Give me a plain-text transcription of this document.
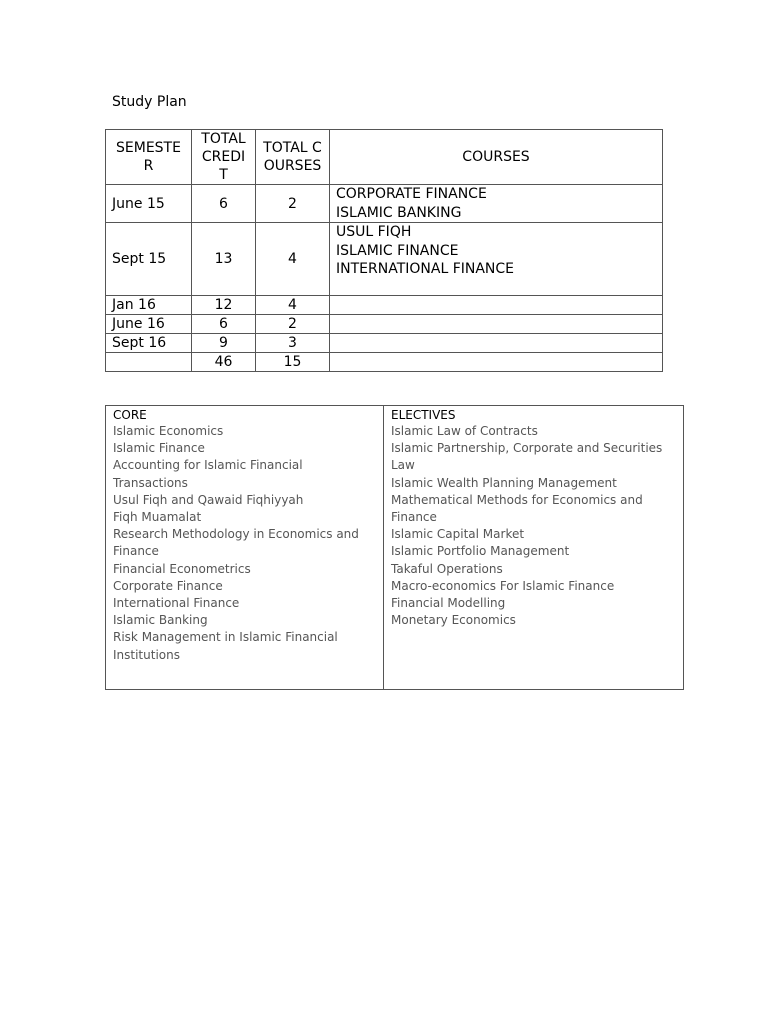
Study Plan
SEMESTER	TOTAL CREDIT	TOTAL COURSES	COURSES
June 15	6	2	CORPORATE FINANCE
ISLAMIC BANKING

Sept 15	13	4	USUL FIQH
ISLAMIC FINANCE
INTERNATIONAL FINANCE

Jan 16	12	4	
June 16	6	2	
Sept 16	9	3	
	46	15	
CORE
Islamic Economics
Islamic Finance
Accounting for Islamic Financial Transactions
Usul Fiqh and Qawaid Fiqhiyyah
Fiqh Muamalat
Research Methodology in Economics and Finance
Financial Econometrics
Corporate Finance
International Finance
Islamic Banking
Risk Management in Islamic Financial Institutions

ELECTIVES
Islamic Law of Contracts
Islamic Partnership, Corporate and Securities Law
Islamic Wealth Planning Management
Mathematical Methods for Economics and Finance
Islamic Capital Market
Islamic Portfolio Management
Takaful Operations
Macro-economics For Islamic Finance
Financial Modelling
Monetary Economics
